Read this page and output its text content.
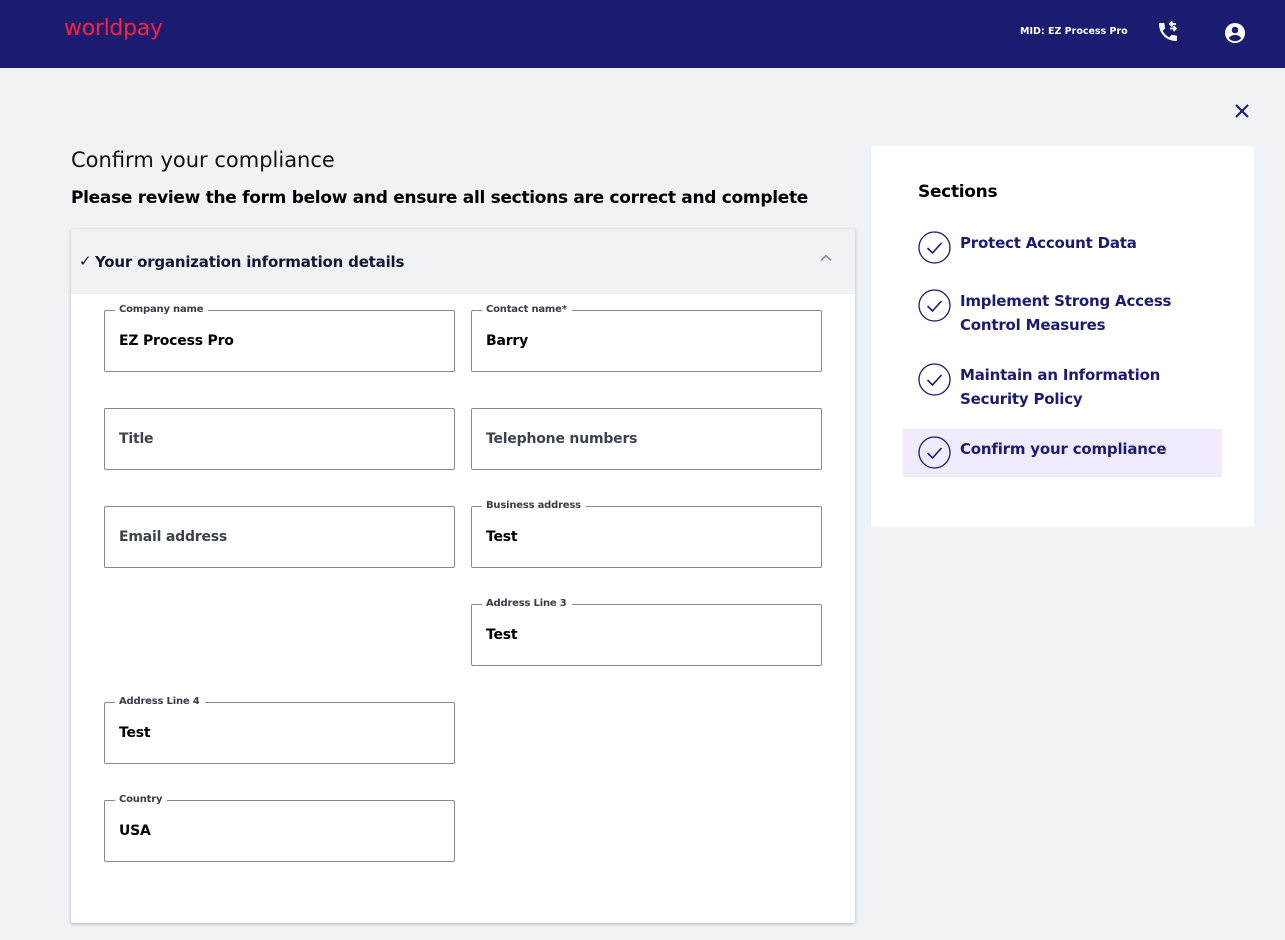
worldpay	MID: EZ Process Pro
Confirm your compliance
Please review the form below and ensure all sections are correct and complete
✓ Your organization information details
EZ Process Pro
Company name
Barry	Contact name*
Title
Telephone numbers
Email address
Test
Business address
Test
Address Line 3
Test
Address Line 4
USA
Country
Sections
Protect Account Data
Implement Strong Access
Control Measures
Maintain an Information
Security Policy
Confirm your compliance
